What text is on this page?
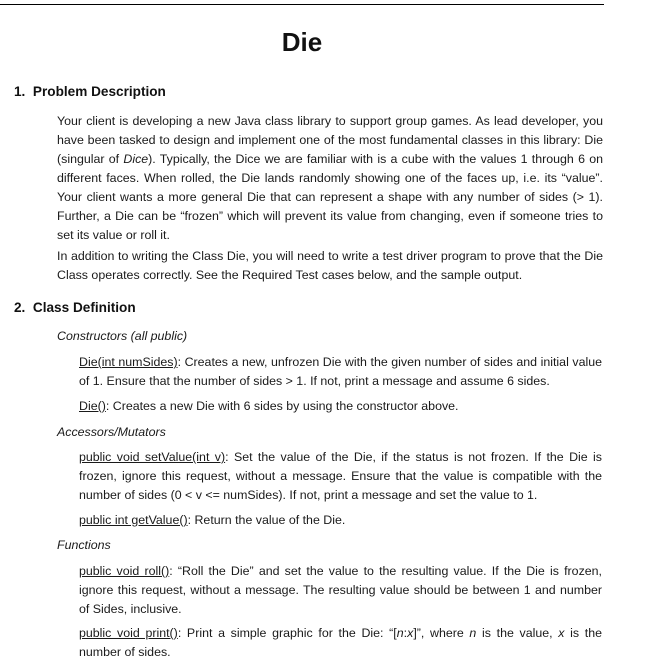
Die
1. Problem Description

Your client is developing a new Java class library to support group games. As lead developer, you have been tasked to design and implement one of the most fundamental classes in this library: Die (singular of Dice). Typically, the Dice we are familiar with is a cube with the values 1 through 6 on different faces. When rolled, the Die lands randomly showing one of the faces up, i.e. its “value”. Your client wants a more general Die that can represent a shape with any number of sides (> 1). Further, a Die can be “frozen” which will prevent its value from changing, even if someone tries to set its value or roll it.

In addition to writing the Class Die, you will need to write a test driver program to prove that the Die Class operates correctly. See the Required Test cases below, and the sample output.

2. Class Definition

Constructors (all public)

Die(int numSides): Creates a new, unfrozen Die with the given number of sides and initial value of 1. Ensure that the number of sides > 1. If not, print a message and assume 6 sides.

Die(): Creates a new Die with 6 sides by using the constructor above.

Accessors/Mutators

public void setValue(int v): Set the value of the Die, if the status is not frozen. If the Die is frozen, ignore this request, without a message. Ensure that the value is compatible with the number of sides (0 < v <= numSides). If not, print a message and set the value to 1.

public int getValue(): Return the value of the Die.

Functions

public void roll(): “Roll the Die” and set the value to the resulting value. If the Die is frozen, ignore this request, without a message. The resulting value should be between 1 and number of Sides, inclusive.

public void print(): Print a simple graphic for the Die: “[n:x]”, where n is the value, x is the number of sides.
